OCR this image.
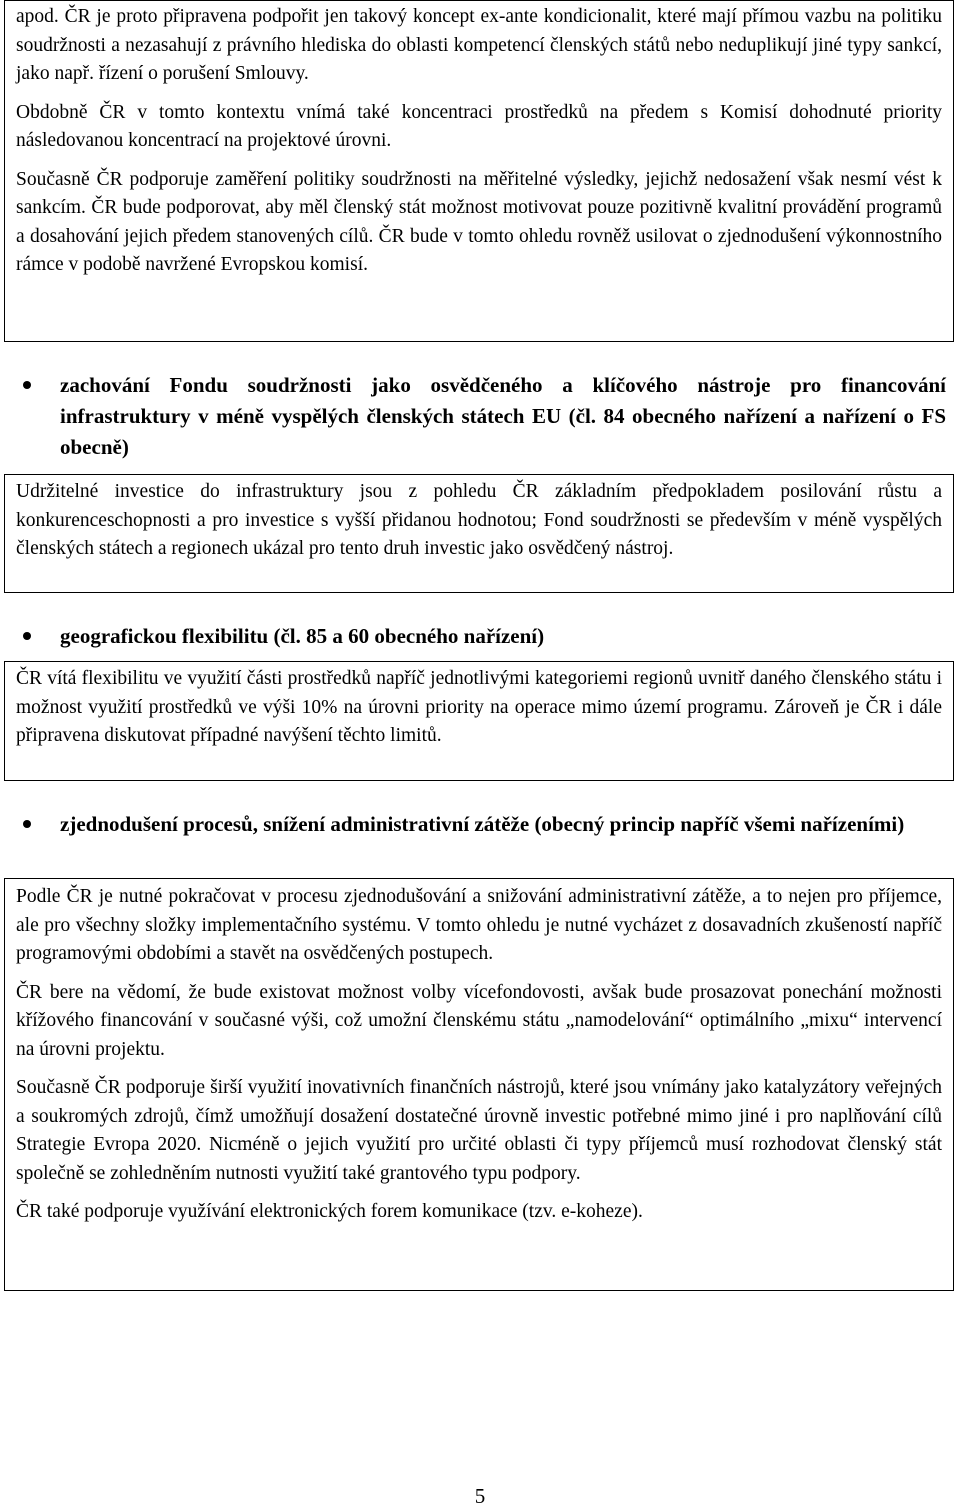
apod. ČR je proto připravena podpořit jen takový koncept ex-ante kondicionalit, které mají přímou vazbu na politiku soudržnosti a nezasahují z právního hlediska do oblasti kompetencí členských států nebo neduplikují jiné typy sankcí, jako např. řízení o porušení Smlouvy.

Obdobně ČR v tomto kontextu vnímá také koncentraci prostředků na předem s Komisí dohodnuté priority následovanou koncentrací na projektové úrovni.

Současně ČR podporuje zaměření politiky soudržnosti na měřitelné výsledky, jejichž nedosažení však nesmí vést k sankcím. ČR bude podporovat, aby měl členský stát možnost motivovat pouze pozitivně kvalitní provádění programů a dosahování jejich předem stanovených cílů. ČR bude v tomto ohledu rovněž usilovat o zjednodušení výkonnostního rámce v podobě navržené Evropskou komisí.

zachování Fondu soudržnosti jako osvědčeného a klíčového nástroje pro financování infrastruktury v méně vyspělých členských státech EU (čl. 84 obecného nařízení a nařízení o FS obecně)

Udržitelné investice do infrastruktury jsou z pohledu ČR základním předpokladem posilování růstu a konkurenceschopnosti a pro investice s vyšší přidanou hodnotou; Fond soudržnosti se především v méně vyspělých členských státech a regionech ukázal pro tento druh investic jako osvědčený nástroj.

geografickou flexibilitu (čl. 85 a 60 obecného nařízení)

ČR vítá flexibilitu ve využití části prostředků napříč jednotlivými kategoriemi regionů uvnitř daného členského státu i možnost využití prostředků ve výši 10% na úrovni priority na operace mimo území programu. Zároveň je ČR i dále připravena diskutovat případné navýšení těchto limitů.

zjednodušení procesů, snížení administrativní zátěže (obecný princip napříč všemi nařízeními)

Podle ČR je nutné pokračovat v procesu zjednodušování a snižování administrativní zátěže, a to nejen pro příjemce, ale pro všechny složky implementačního systému. V tomto ohledu je nutné vycházet z dosavadních zkušeností napříč programovými obdobími a stavět na osvědčených postupech.

ČR bere na vědomí, že bude existovat možnost volby vícefondovosti, avšak bude prosazovat ponechání možnosti křížového financování v současné výši, což umožní členskému státu „namodelování“ optimálního „mixu“ intervencí na úrovni projektu.

Současně ČR podporuje širší využití inovativních finančních nástrojů, které jsou vnímány jako katalyzátory veřejných a soukromých zdrojů, čímž umožňují dosažení dostatečné úrovně investic potřebné mimo jiné i pro naplňování cílů Strategie Evropa 2020. Nicméně o jejich využití pro určité oblasti či typy příjemců musí rozhodovat členský stát společně se zohledněním nutnosti využití také grantového typu podpory.

ČR také podporuje využívání elektronických forem komunikace (tzv. e-koheze).

5
